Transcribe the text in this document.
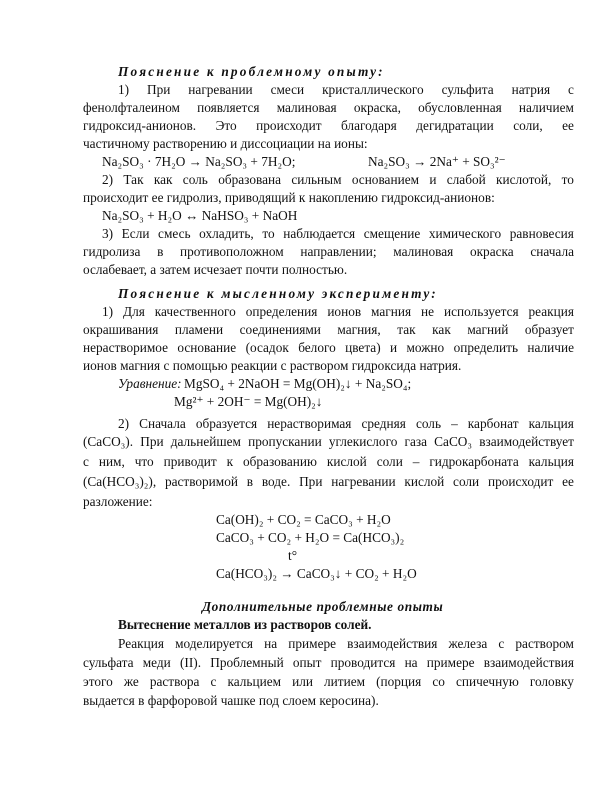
Пояснение к проблемному опыту:
1) При нагревании смеси кристаллического сульфита натрия с
фенолфталеином появляется малиновая окраска, обусловленная наличием
гидроксид-анионов. Это происходит благодаря дегидратации соли, ее
частичному растворению и диссоциации на ионы:
Na₂SO₃ · 7H₂O → Na₂SO₃ + 7H₂O;	Na₂SO₃ → 2Na⁺ + SO₃²⁻
2) Так как соль образована сильным основанием и слабой кислотой, то
происходит ее гидролиз, приводящий к накоплению гидроксид-анионов:
Na₂SO₃ + H₂O ↔ NaHSO₃ + NaOH
3) Если смесь охладить, то наблюдается смещение химического равновесия
гидролиза в противоположном направлении; малиновая окраска сначала
ослабевает, а затем исчезает почти полностью.
Пояснение к мысленному эксперименту:
1) Для качественного определения ионов магния не используется реакция
окрашивания пламени соединениями магния, так как магний образует
нерастворимое основание (осадок белого цвета) и можно определить наличие
ионов магния с помощью реакции с раствором гидроксида натрия.
Уравнение: MgSO₄ + 2NaOH = Mg(OH)₂↓ + Na₂SO₄;
Mg²⁺ + 2OH⁻ = Mg(OH)₂↓
2) Сначала образуется нерастворимая средняя соль – карбонат кальция
(CaCO₃). При дальнейшем пропускании углекислого газа CaCO₃ взаимодействует
с ним, что приводит к образованию кислой соли – гидрокарбоната кальция
(Ca(HCO₃)₂), растворимой в воде. При нагревании кислой соли происходит ее
разложение:
Ca(OH)₂ + CO₂ = CaCO₃ + H₂O
CaCO₃ + CO₂ + H₂O = Ca(HCO₃)₂
t°
Ca(HCO₃)₂ → CaCO₃↓ + CO₂ + H₂O
Дополнительные проблемные опыты
Вытеснение металлов из растворов солей.
Реакция моделируется на примере взаимодействия железа с раствором
сульфата меди (II). Проблемный опыт проводится на примере взаимодействия
этого же раствора с кальцием или литием (порция со спичечную головку
выдается в фарфоровой чашке под слоем керосина).
